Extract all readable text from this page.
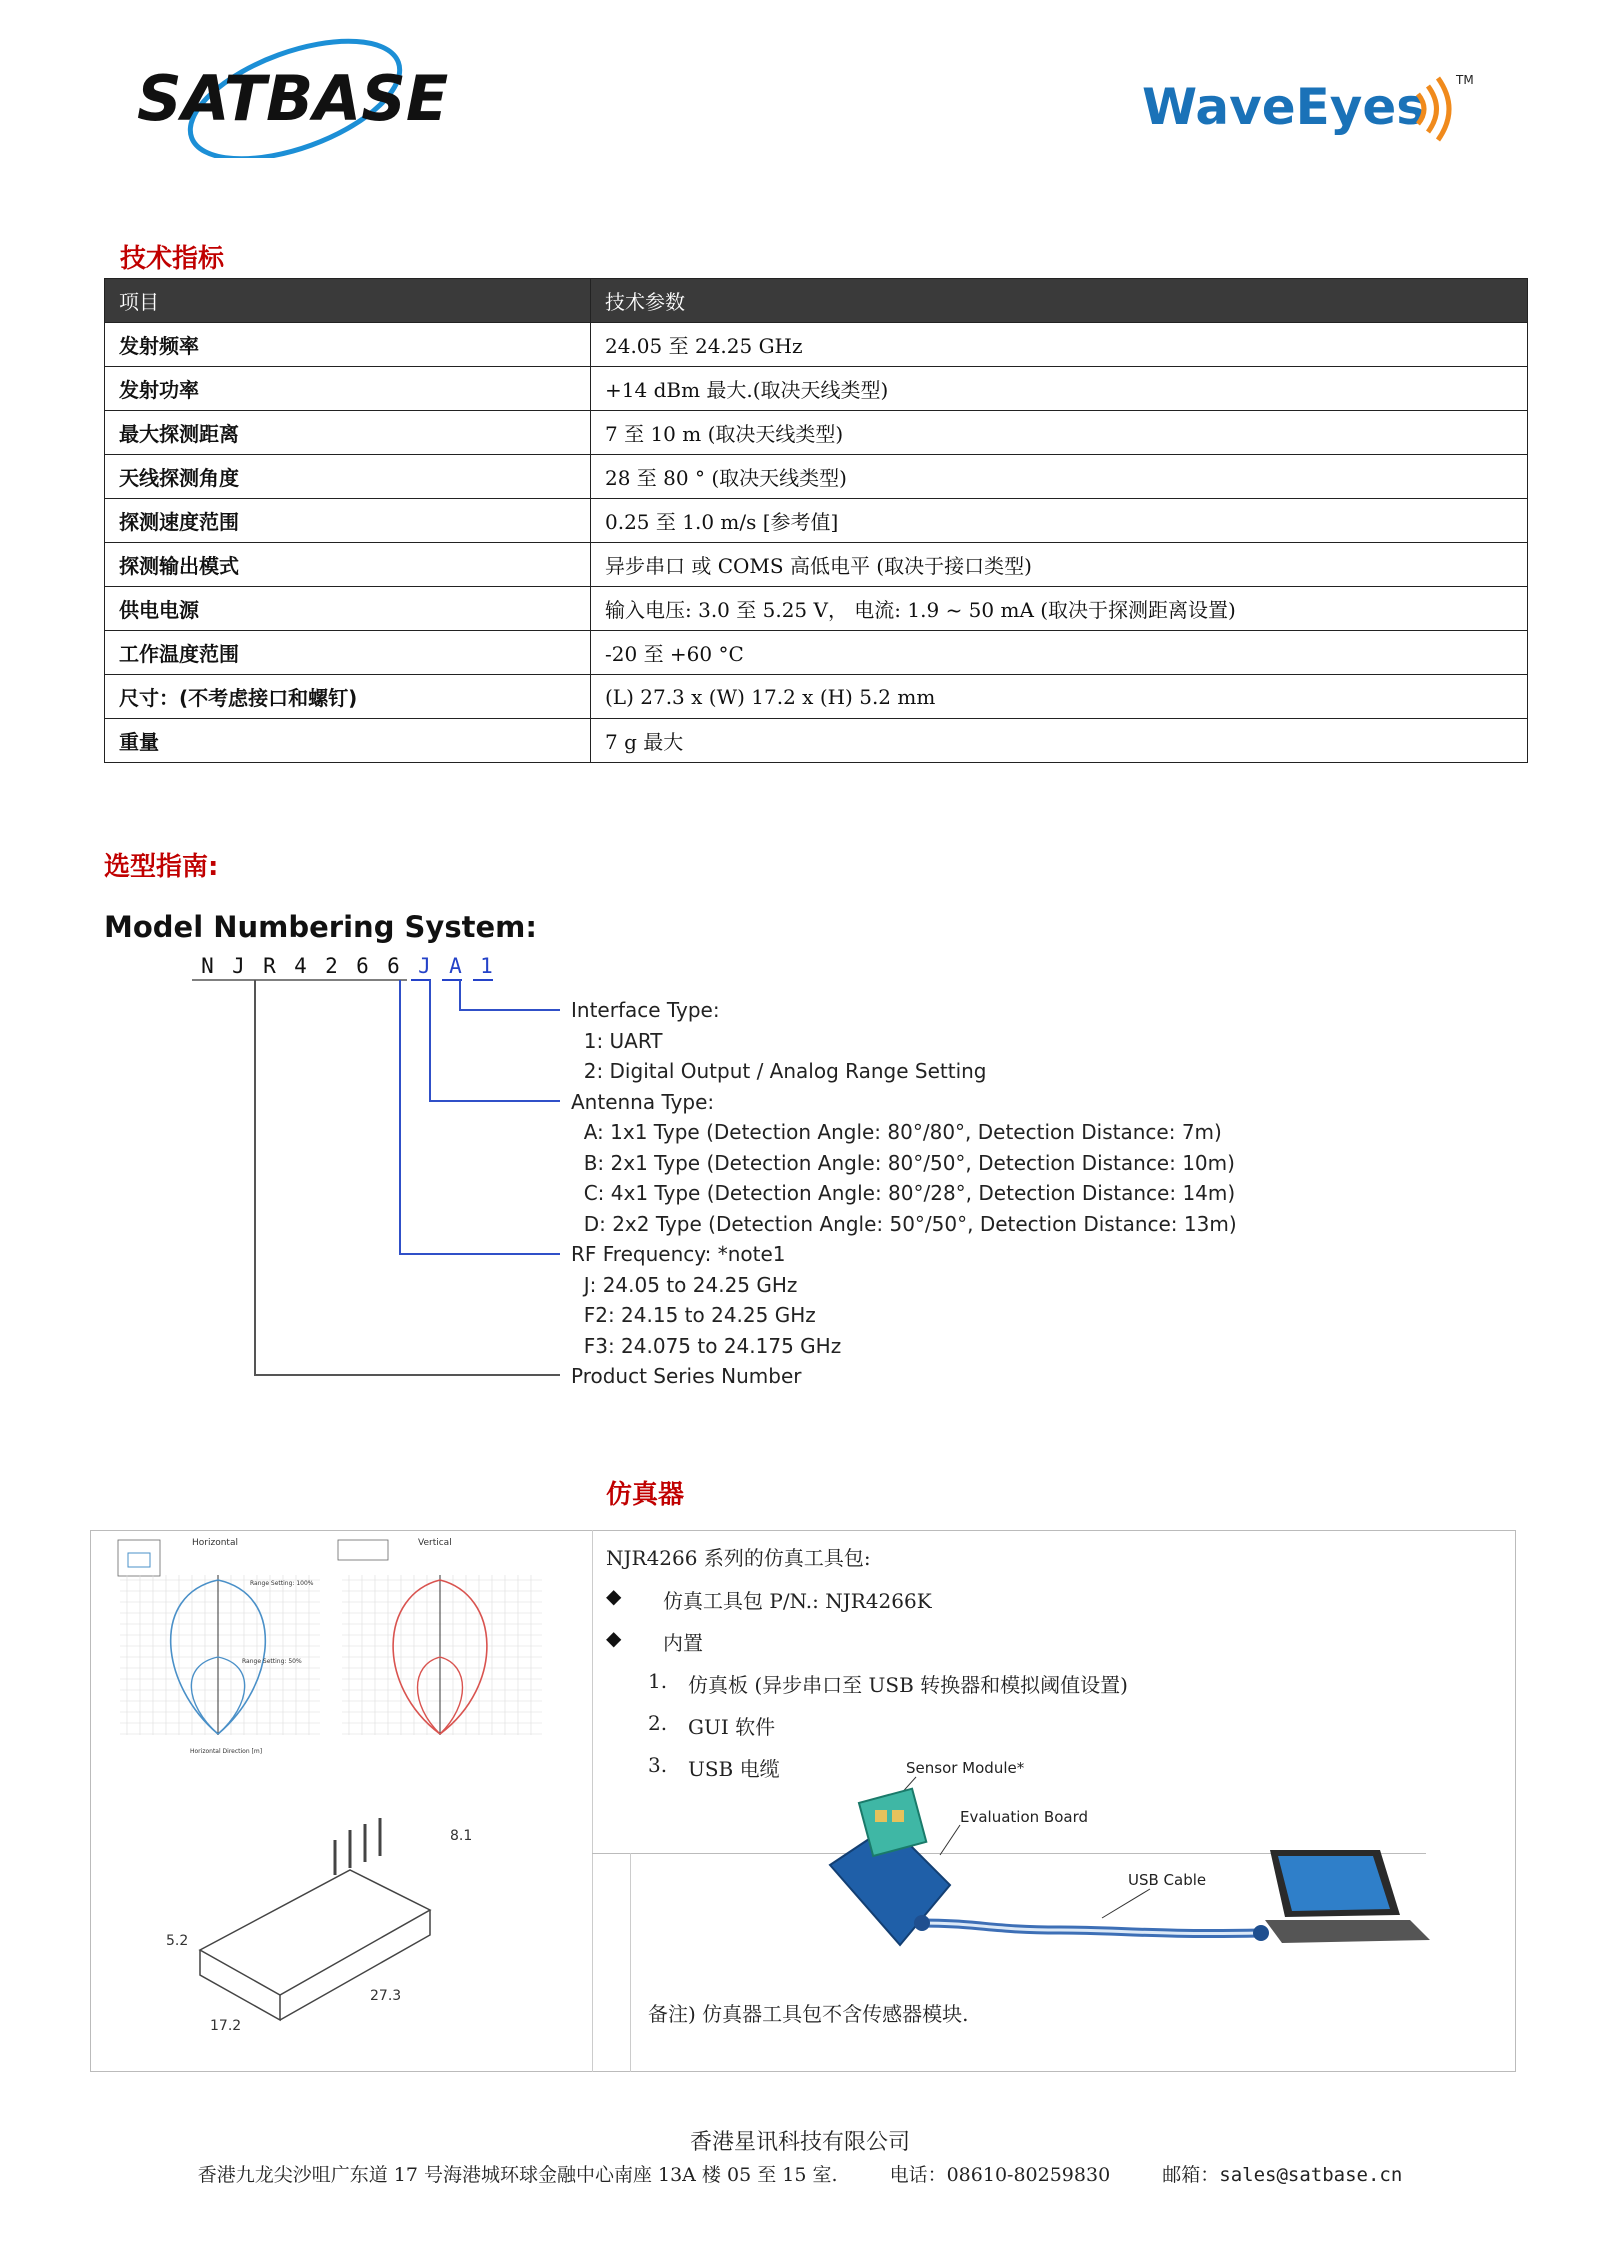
SATBASE	WaveEyes TM
技术指标
项目	技术参数
发射频率	24.05 至 24.25 GHz
发射功率	+14 dBm 最大.(取决天线类型)
最大探测距离	7 至 10 m (取决天线类型)
天线探测角度	28 至 80 ° (取决天线类型)
探测速度范围	0.25 至 1.0 m/s [参考值]
探测输出模式	异步串口 或 COMS 高低电平 (取决于接口类型)
供电电源	输入电压: 3.0 至 5.25 V， 电流: 1.9 ~ 50 mA (取决于探测距离设置)
工作温度范围	-20 至 +60 °C
尺寸：(不考虑接口和螺钉)	(L) 27.3 x (W) 17.2 x (H) 5.2 mm
重量	7 g 最大
选型指南:
Model Numbering System:
N J R 4 2 6 6 J A 1
Interface Type:
1: UART
2: Digital Output / Analog Range Setting
Antenna Type:
A: 1x1 Type (Detection Angle: 80°/80°, Detection Distance: 7m)
B: 2x1 Type (Detection Angle: 80°/50°, Detection Distance: 10m)
C: 4x1 Type (Detection Angle: 80°/28°, Detection Distance: 14m)
D: 2x2 Type (Detection Angle: 50°/50°, Detection Distance: 13m)
RF Frequency: *note1
J: 24.05 to 24.25 GHz
F2: 24.15 to 24.25 GHz
F3: 24.075 to 24.175 GHz
Product Series Number
仿真器
Horizontal
Range Setting: 100%
Range Setting: 50%
Horizontal Direction [m]
Vertical
5.2
8.1
17.2
27.3
NJR4266 系列的仿真工具包:
◆ 仿真工具包 P/N.: NJR4266K
◆ 内置
1. 仿真板 (异步串口至 USB 转换器和模拟阈值设置)
2. GUI 软件
3. USB 电缆	Sensor Module*
Evaluation Board
USB Cable
备注) 仿真器工具包不含传感器模块.
香港星讯科技有限公司
香港九龙尖沙咀广东道 17 号海港城环球金融中心南座 13A 楼 05 至 15 室.	电话：08610-80259830	邮箱：sales@satbase.cn
